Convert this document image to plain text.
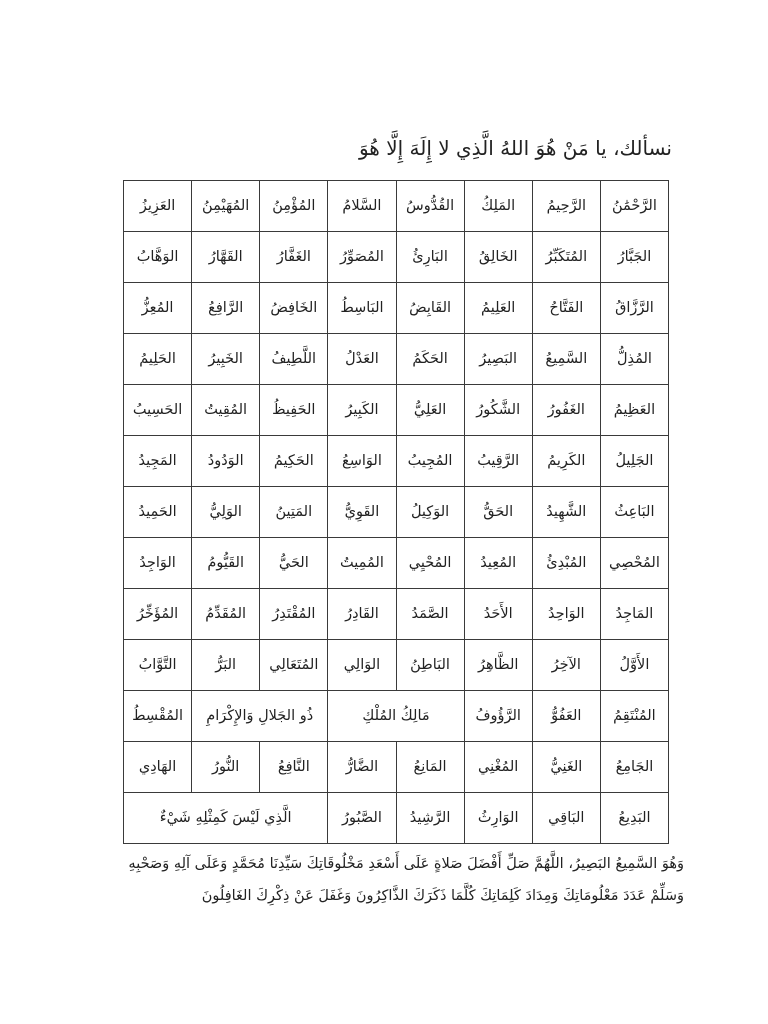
نسألك، يا مَنْ هُوَ اللهُ الَّذِي لا إِلَهَ إِلَّا هُوَ
الرَّحْمَٰنُ	الرَّحِيمُ	المَلِكُ	القُدُّوسُ	السَّلامُ	المُؤْمِنُ	المُهَيْمِنُ	العَزِيزُ
الجَبَّارُ	المُتَكَبِّرُ	الخَالِقُ	البَارِئُ	المُصَوِّرُ	الغَفَّارُ	القَهَّارُ	الوَهَّابُ
الرَّزَّاقُ	الفَتَّاحُ	العَلِيمُ	القَابِضُ	البَاسِطُ	الخَافِضُ	الرَّافِعُ	المُعِزُّ
المُذِلُّ	السَّمِيعُ	البَصِيرُ	الحَكَمُ	العَدْلُ	اللَّطِيفُ	الخَبِيرُ	الحَلِيمُ
العَظِيمُ	الغَفُورُ	الشَّكُورُ	العَلِيُّ	الكَبِيرُ	الحَفِيظُ	المُقِيتُ	الحَسِيبُ
الجَلِيلُ	الكَرِيمُ	الرَّقِيبُ	المُجِيبُ	الوَاسِعُ	الحَكِيمُ	الوَدُودُ	المَجِيدُ
البَاعِثُ	الشَّهِيدُ	الحَقُّ	الوَكِيلُ	القَوِيُّ	المَتِينُ	الوَلِيُّ	الحَمِيدُ
المُحْصِي	المُبْدِئُ	المُعِيدُ	المُحْيِي	المُمِيتُ	الحَيُّ	القَيُّومُ	الوَاجِدُ
المَاجِدُ	الوَاحِدُ	الأَحَدُ	الصَّمَدُ	القَادِرُ	المُقْتَدِرُ	المُقَدِّمُ	المُؤَخِّرُ
الأَوَّلُ	الآخِرُ	الظَّاهِرُ	البَاطِنُ	الوَالِي	المُتَعَالِي	البَرُّ	التَّوَّابُ
المُنْتَقِمُ	العَفُوُّ	الرَّؤُوفُ	مَالِكُ المُلْكِ		ذُو الجَلالِ وَالإِكْرَامِ		المُقْسِطُ
الجَامِعُ	الغَنِيُّ	المُغْنِي	المَانِعُ	الضَّارُّ	النَّافِعُ	النُّورُ	الهَادِي
البَدِيعُ	البَاقِي	الوَارِثُ	الرَّشِيدُ	الصَّبُورُ	الَّذِي لَيْسَ كَمِثْلِهِ شَيْءٌ		

وَهُوَ السَّمِيعُ البَصِيرُ، اللَّهُمَّ صَلِّ أَفْضَلَ صَلاةٍ عَلَى أَسْعَدِ مَخْلُوقَاتِكَ سَيِّدِنَا مُحَمَّدٍ وَعَلَى آلِهِ وَصَحْبِهِ

وَسَلِّمْ عَدَدَ مَعْلُومَاتِكَ وَمِدَادَ كَلِمَاتِكَ كُلَّمَا ذَكَرَكَ الذَّاكِرُونَ وَغَفَلَ عَنْ ذِكْرِكَ الغَافِلُونَ
